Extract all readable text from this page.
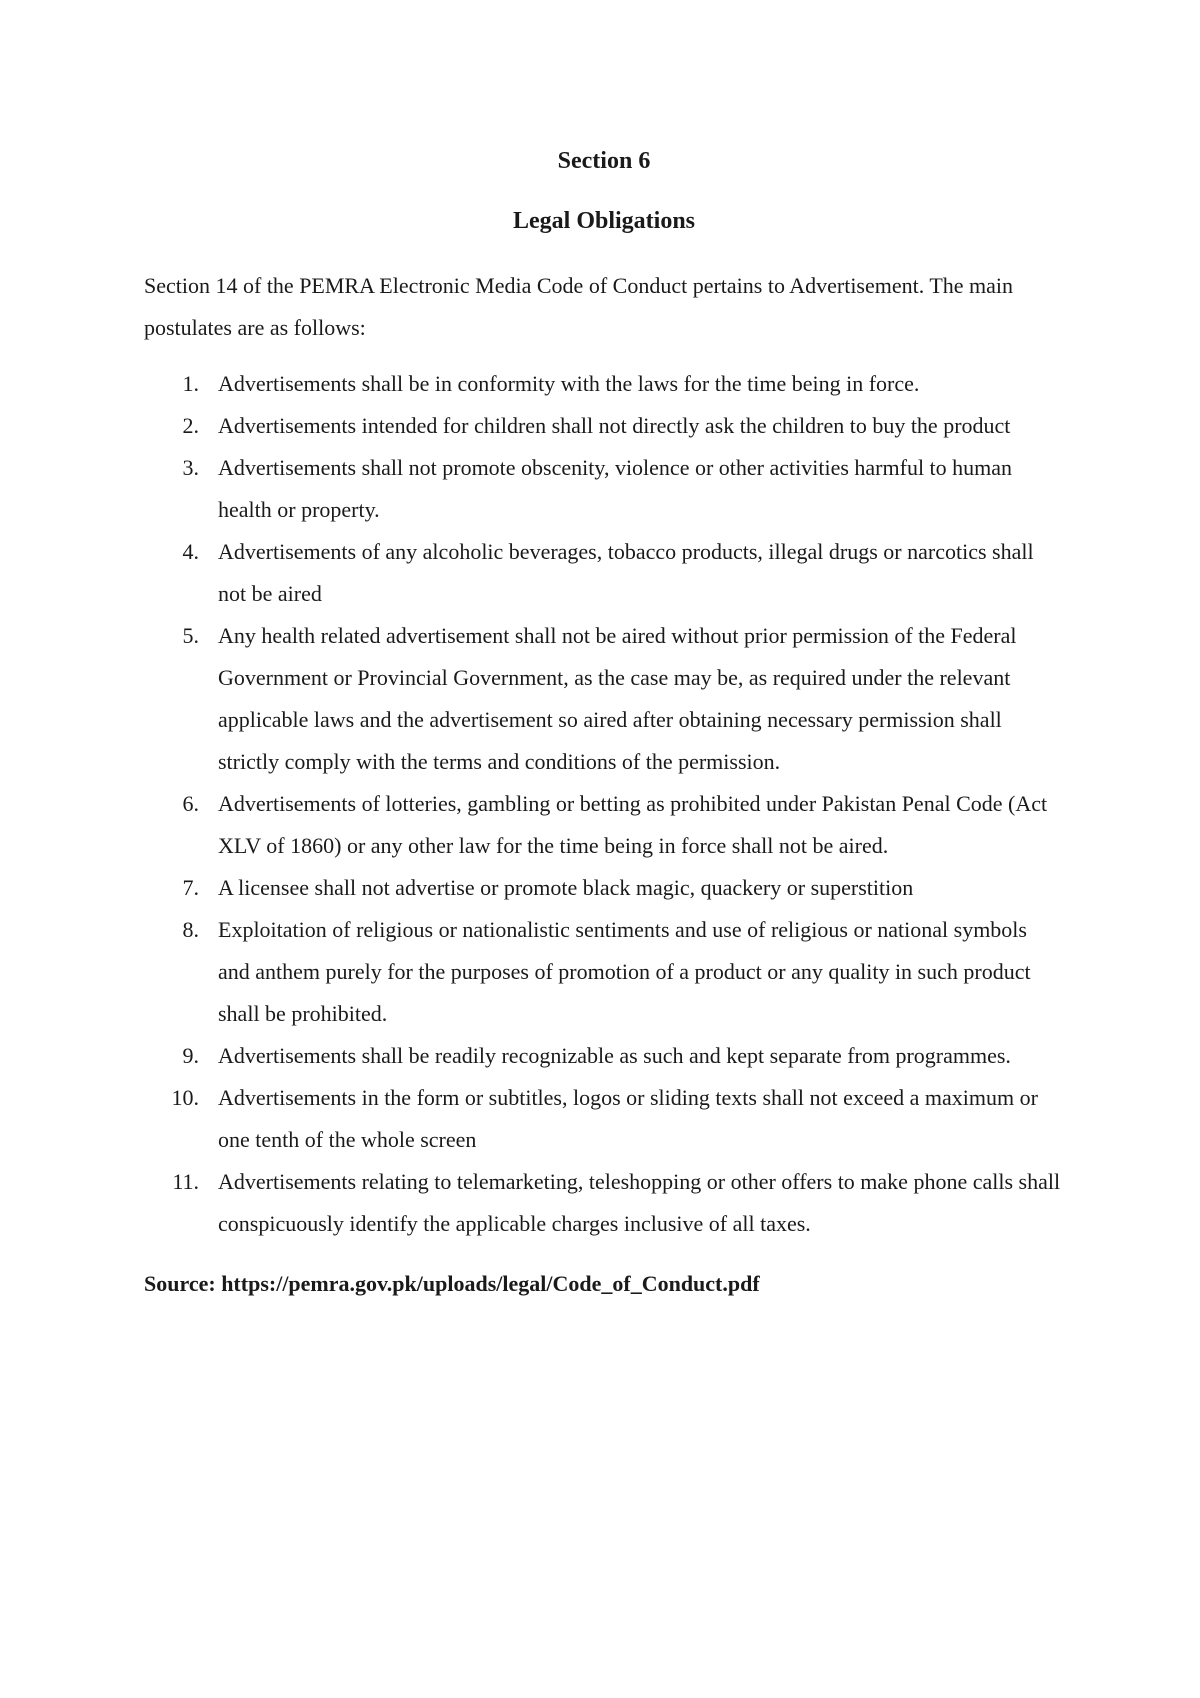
Section 6

Legal Obligations

Section 14 of the PEMRA Electronic Media Code of Conduct pertains to Advertisement. The main postulates are as follows:

1. Advertisements shall be in conformity with the laws for the time being in force.
2. Advertisements intended for children shall not directly ask the children to buy the product
3. Advertisements shall not promote obscenity, violence or other activities harmful to human health or property.
4. Advertisements of any alcoholic beverages, tobacco products, illegal drugs or narcotics shall not be aired
5. Any health related advertisement shall not be aired without prior permission of the Federal Government or Provincial Government, as the case may be, as required under the relevant applicable laws and the advertisement so aired after obtaining necessary permission shall strictly comply with the terms and conditions of the permission.
6. Advertisements of lotteries, gambling or betting as prohibited under Pakistan Penal Code (Act XLV of 1860) or any other law for the time being in force shall not be aired.
7. A licensee shall not advertise or promote black magic, quackery or superstition
8. Exploitation of religious or nationalistic sentiments and use of religious or national symbols and anthem purely for the purposes of promotion of a product or any quality in such product shall be prohibited.
9. Advertisements shall be readily recognizable as such and kept separate from programmes.
10. Advertisements in the form or subtitles, logos or sliding texts shall not exceed a maximum or one tenth of the whole screen
11. Advertisements relating to telemarketing, teleshopping or other offers to make phone calls shall conspicuously identify the applicable charges inclusive of all taxes.

Source: https://pemra.gov.pk/uploads/legal/Code_of_Conduct.pdf
